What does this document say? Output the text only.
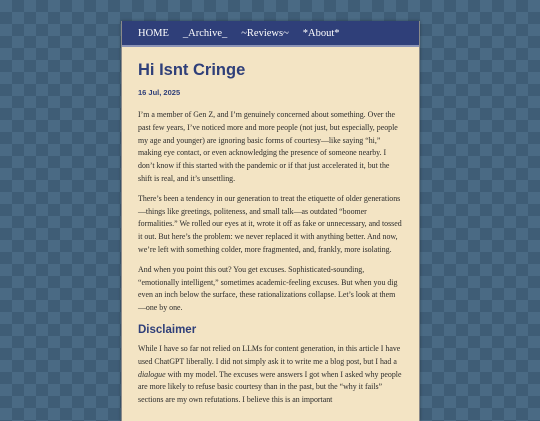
HOME _Archive_ ~Reviews~ *About*
Hi Isnt Cringe
16 Jul, 2025

I’m a member of Gen Z, and I’m genuinely concerned about something. Over the past few years, I’ve noticed more and more people (not just, but especially, people my age and younger) are ignoring basic forms of courtesy—like saying “hi,” making eye contact, or even acknowledging the presence of someone nearby. I don’t know if this started with the pandemic or if that just accelerated it, but the shift is real, and it’s unsettling.

There’s been a tendency in our generation to treat the etiquette of older generations—things like greetings, politeness, and small talk—as outdated “boomer formalities.” We rolled our eyes at it, wrote it off as fake or unnecessary, and tossed it out. But here’s the problem: we never replaced it with anything better. And now, we’re left with something colder, more fragmented, and, frankly, more isolating.

And when you point this out? You get excuses. Sophisticated-sounding, “emotionally intelligent,” sometimes academic-feeling excuses. But when you dig even an inch below the surface, these rationalizations collapse. Let’s look at them—one by one.

Disclaimer

While I have so far not relied on LLMs for content generation, in this article I have used ChatGPT liberally. I did not simply ask it to write me a blog post, but I had a dialogue with my model. The excuses were answers I got when I asked why people are more likely to refuse basic courtesy than in the past, but the “why it fails” sections are my own refutations. I believe this is an important
